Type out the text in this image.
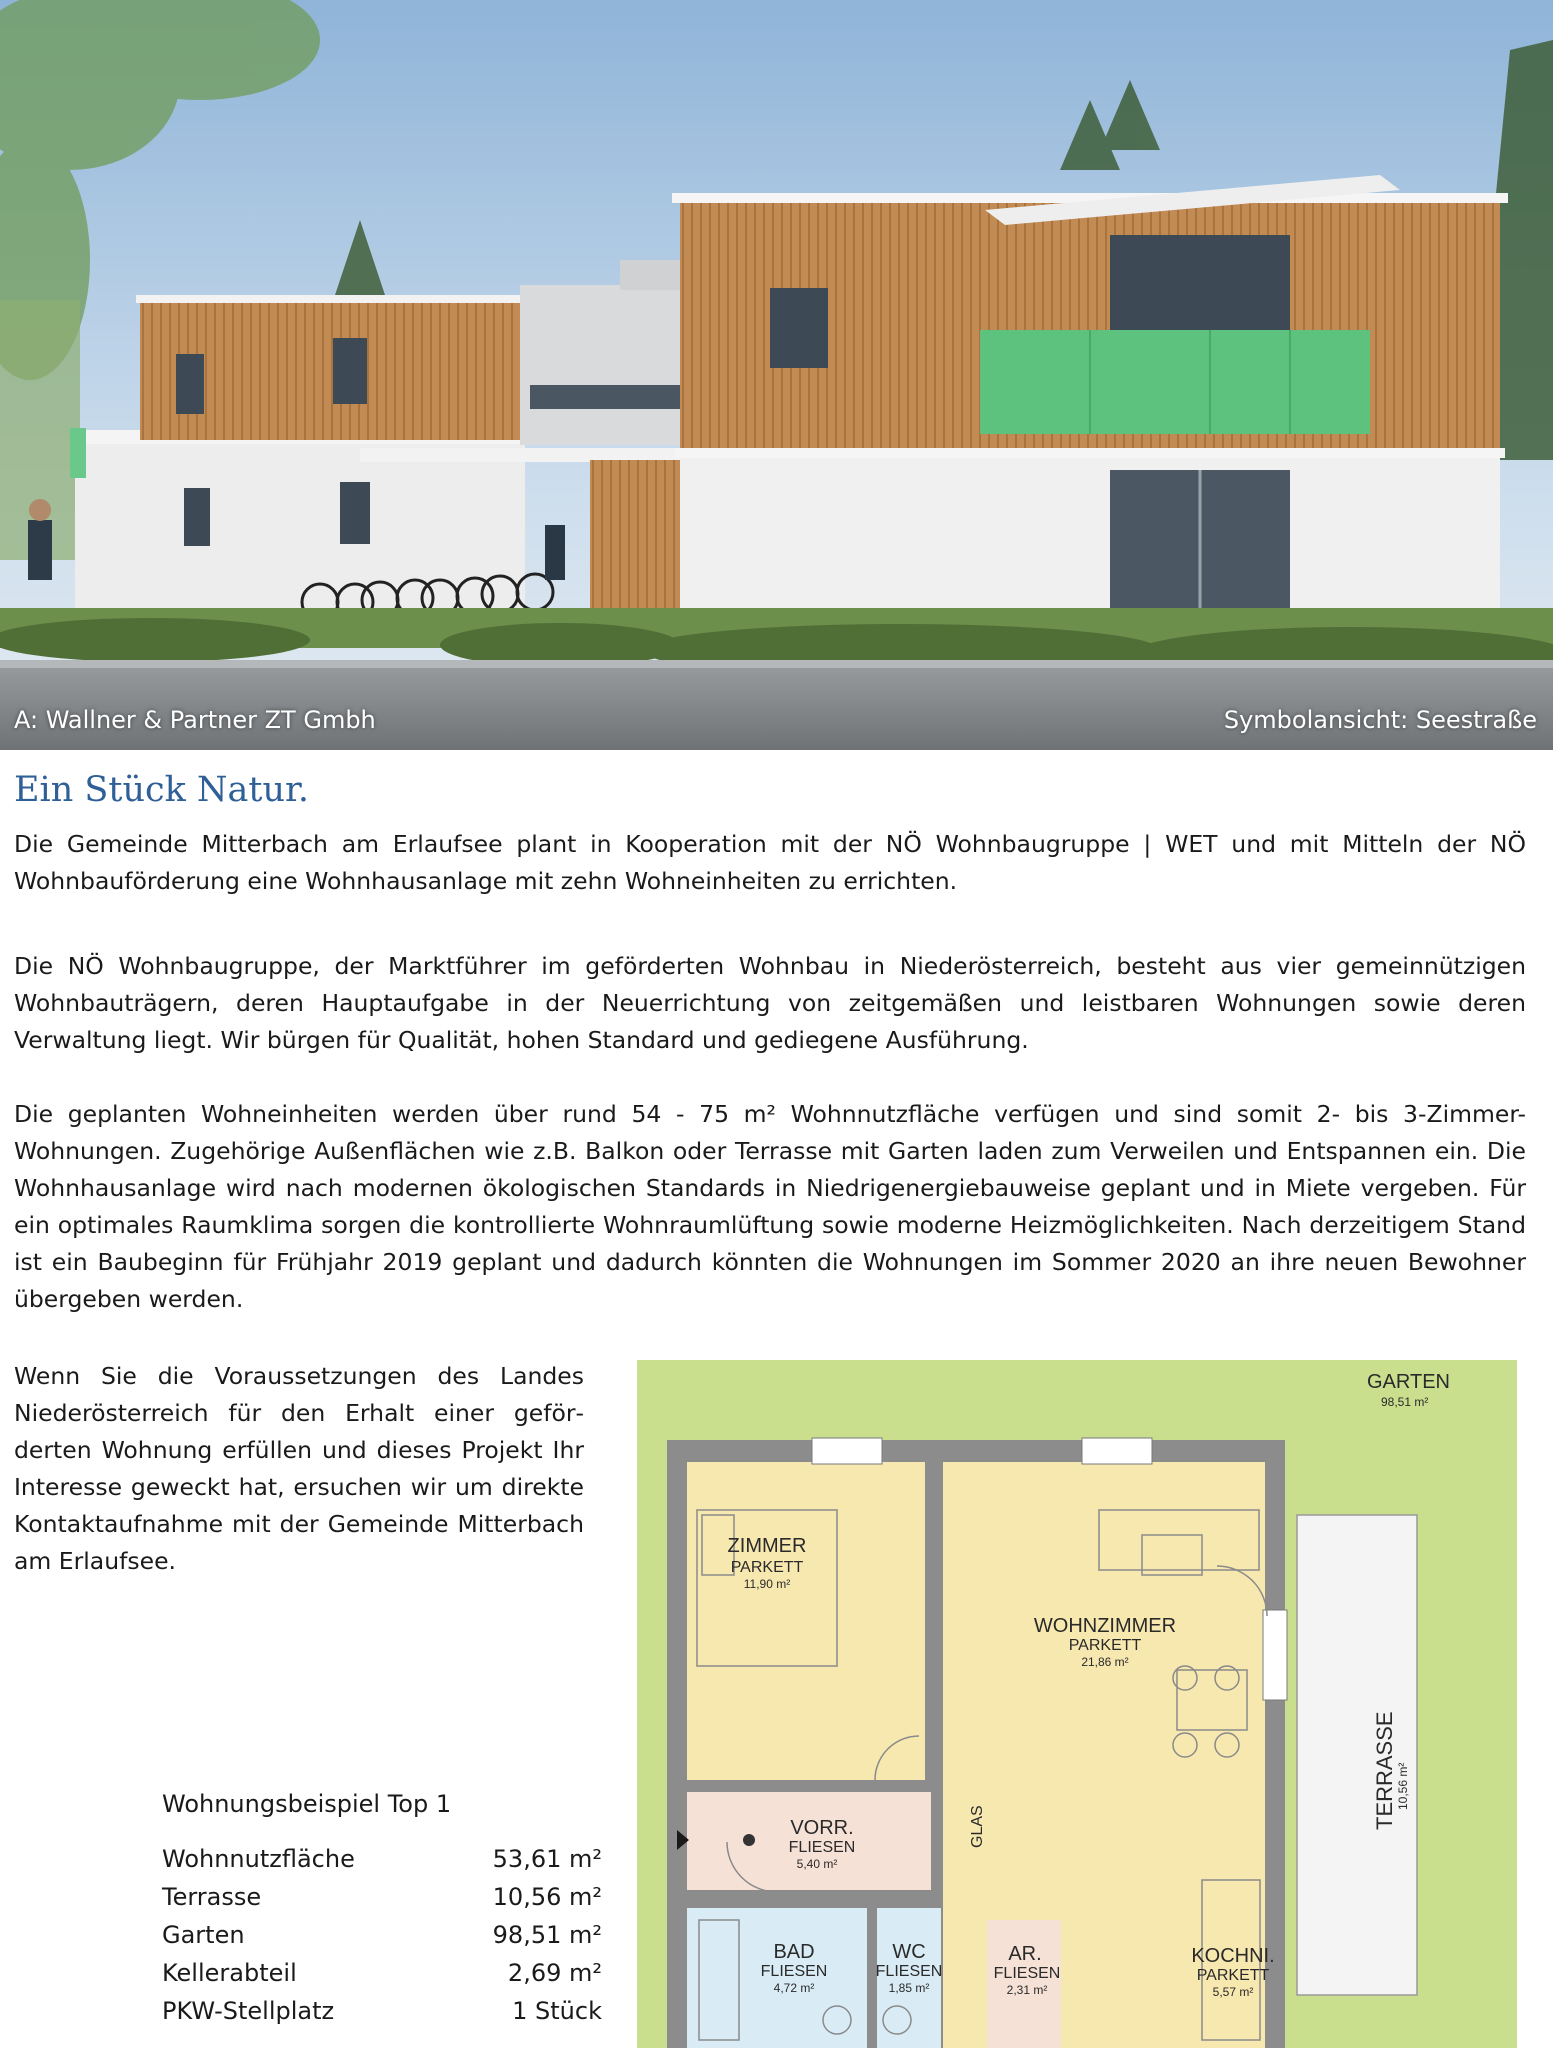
A: Wallner & Partner ZT Gmbh	Symbolansicht: Seestraße
Ein Stück Natur.

Die Gemeinde Mitterbach am Erlaufsee plant in Kooperation mit der NÖ Wohnbaugruppe | WET und mit Mitteln der NÖ Wohnbauförderung eine Wohnhausanlage mit zehn Wohneinheiten zu errichten.

Die NÖ Wohnbaugruppe, der Marktführer im geförderten Wohnbau in Niederösterreich, besteht aus vier gemeinnützigen Wohnbauträgern, deren Hauptaufgabe in der Neuerrichtung von zeitgemäßen und leistbaren Wohnungen sowie deren Verwaltung liegt. Wir bürgen für Qualität, hohen Standard und gediegene Ausführung.

Die geplanten Wohneinheiten werden über rund 54 - 75 m² Wohnnutzfläche verfügen und sind somit 2- bis 3-Zimmer-Wohnungen. Zugehörige Außenflächen wie z.B. Balkon oder Terrasse mit Garten laden zum Verweilen und Entspannen ein. Die Wohnhausanlage wird nach modernen ökologischen Standards in Niedrigenergiebauweise geplant und in Miete vergeben. Für ein optimales Raumklima sorgen die kontrollierte Wohnraumlüftung sowie moderne Heizmöglichkeiten. Nach derzeitigem Stand ist ein Baubeginn für Frühjahr 2019 geplant und dadurch könnten die Wohnungen im Sommer 2020 an ihre neuen Bewohner übergeben werden.

Wenn Sie die Voraussetzungen des Landes Niederösterreich für den Erhalt einer geförderten Wohnung erfüllen und dieses Projekt Ihr Interesse geweckt hat, ersuchen wir um direkte Kontaktaufnahme mit der Gemeinde Mitterbach am Erlaufsee.

Wohnungsbeispiel Top 1

Wohnnutzfläche	53,61 m²
Terrasse	10,56 m²
Garten	98,51 m²
Kellerabteil	2,69 m²
PKW-Stellplatz	1 Stück
GARTEN
98,51 m²
TERRASSE 10,56 m²
ZIMMER
PARKETT
11,90 m²
WOHNZIMMER
PARKETT
21,86 m²
VORR.
FLIESEN
5,40 m²
GLAS
BAD
FLIESEN
4,72 m²
WC
FLIESEN
1,85 m²
AR.
FLIESEN
2,31 m²
KOCHNI.
PARKETT
5,57 m²
